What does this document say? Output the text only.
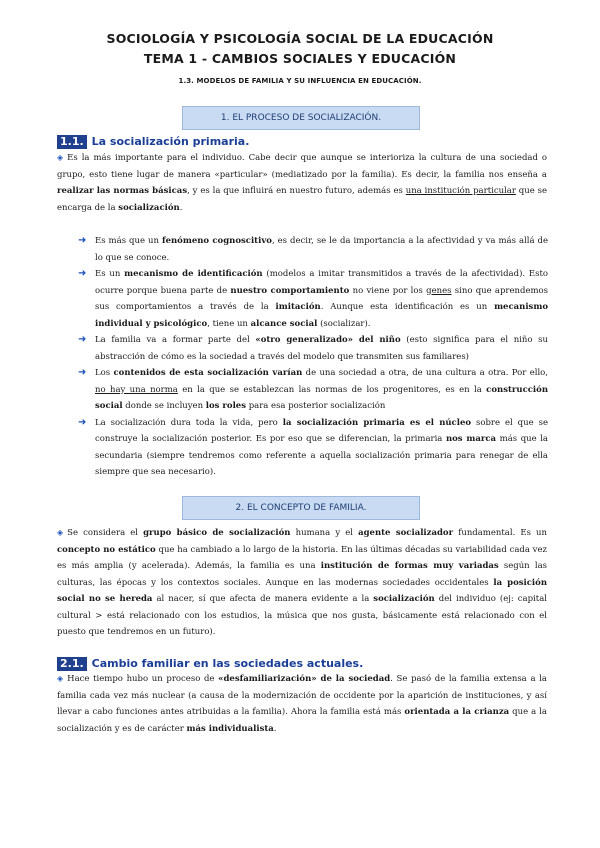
SOCIOLOGÍA Y PSICOLOGÍA SOCIAL DE LA EDUCACIÓN
TEMA 1 - CAMBIOS SOCIALES Y EDUCACIÓN
1.3. MODELOS DE FAMILIA Y SU INFLUENCIA EN EDUCACIÓN.
1. EL PROCESO DE SOCIALIZACIÓN.
1.1. La socialización primaria.
◈ Es la más importante para el individuo. Cabe decir que aunque se interioriza la cultura de una sociedad o grupo, esto tiene lugar de manera «particular» (mediatizado por la familia). Es decir, la familia nos enseña a realizar las normas básicas, y es la que influirá en nuestro futuro, además es una institución particular que se encarga de la socialización.
➜ Es más que un fenómeno cognoscitivo, es decir, se le da importancia a la afectividad y va más allá de lo que se conoce.
➜ Es un mecanismo de identificación (modelos a imitar transmitidos a través de la afectividad). Esto ocurre porque buena parte de nuestro comportamiento no viene por los genes sino que aprendemos sus comportamientos a través de la imitación. Aunque esta identificación es un mecanismo individual y psicológico, tiene un alcance social (socializar).
➜ La familia va a formar parte del «otro generalizado» del niño (esto significa para el niño su abstracción de cómo es la sociedad a través del modelo que transmiten sus familiares)
➜ Los contenidos de esta socialización varían de una sociedad a otra, de una cultura a otra. Por ello, no hay una norma en la que se establezcan las normas de los progenitores, es en la construcción social donde se incluyen los roles para esa posterior socialización
➜ La socialización dura toda la vida, pero la socialización primaria es el núcleo sobre el que se construye la socialización posterior. Es por eso que se diferencian, la primaria nos marca más que la secundaria (siempre tendremos como referente a aquella socialización primaria para renegar de ella siempre que sea necesario).
2. EL CONCEPTO DE FAMILIA.
◈ Se considera el grupo básico de socialización humana y el agente socializador fundamental. Es un concepto no estático que ha cambiado a lo largo de la historia. En las últimas décadas su variabilidad cada vez es más amplia (y acelerada). Además, la familia es una institución de formas muy variadas según las culturas, las épocas y los contextos sociales. Aunque en las modernas sociedades occidentales la posición social no se hereda al nacer, sí que afecta de manera evidente a la socialización del individuo (ej: capital cultural > está relacionado con los estudios, la música que nos gusta, básicamente está relacionado con el puesto que tendremos en un futuro).
2.1. Cambio familiar en las sociedades actuales.
◈ Hace tiempo hubo un proceso de «desfamiliarización» de la sociedad. Se pasó de la familia extensa a la familia cada vez más nuclear (a causa de la modernización de occidente por la aparición de instituciones, y así llevar a cabo funciones antes atribuidas a la familia). Ahora la familia está más orientada a la crianza que a la socialización y es de carácter más individualista.
